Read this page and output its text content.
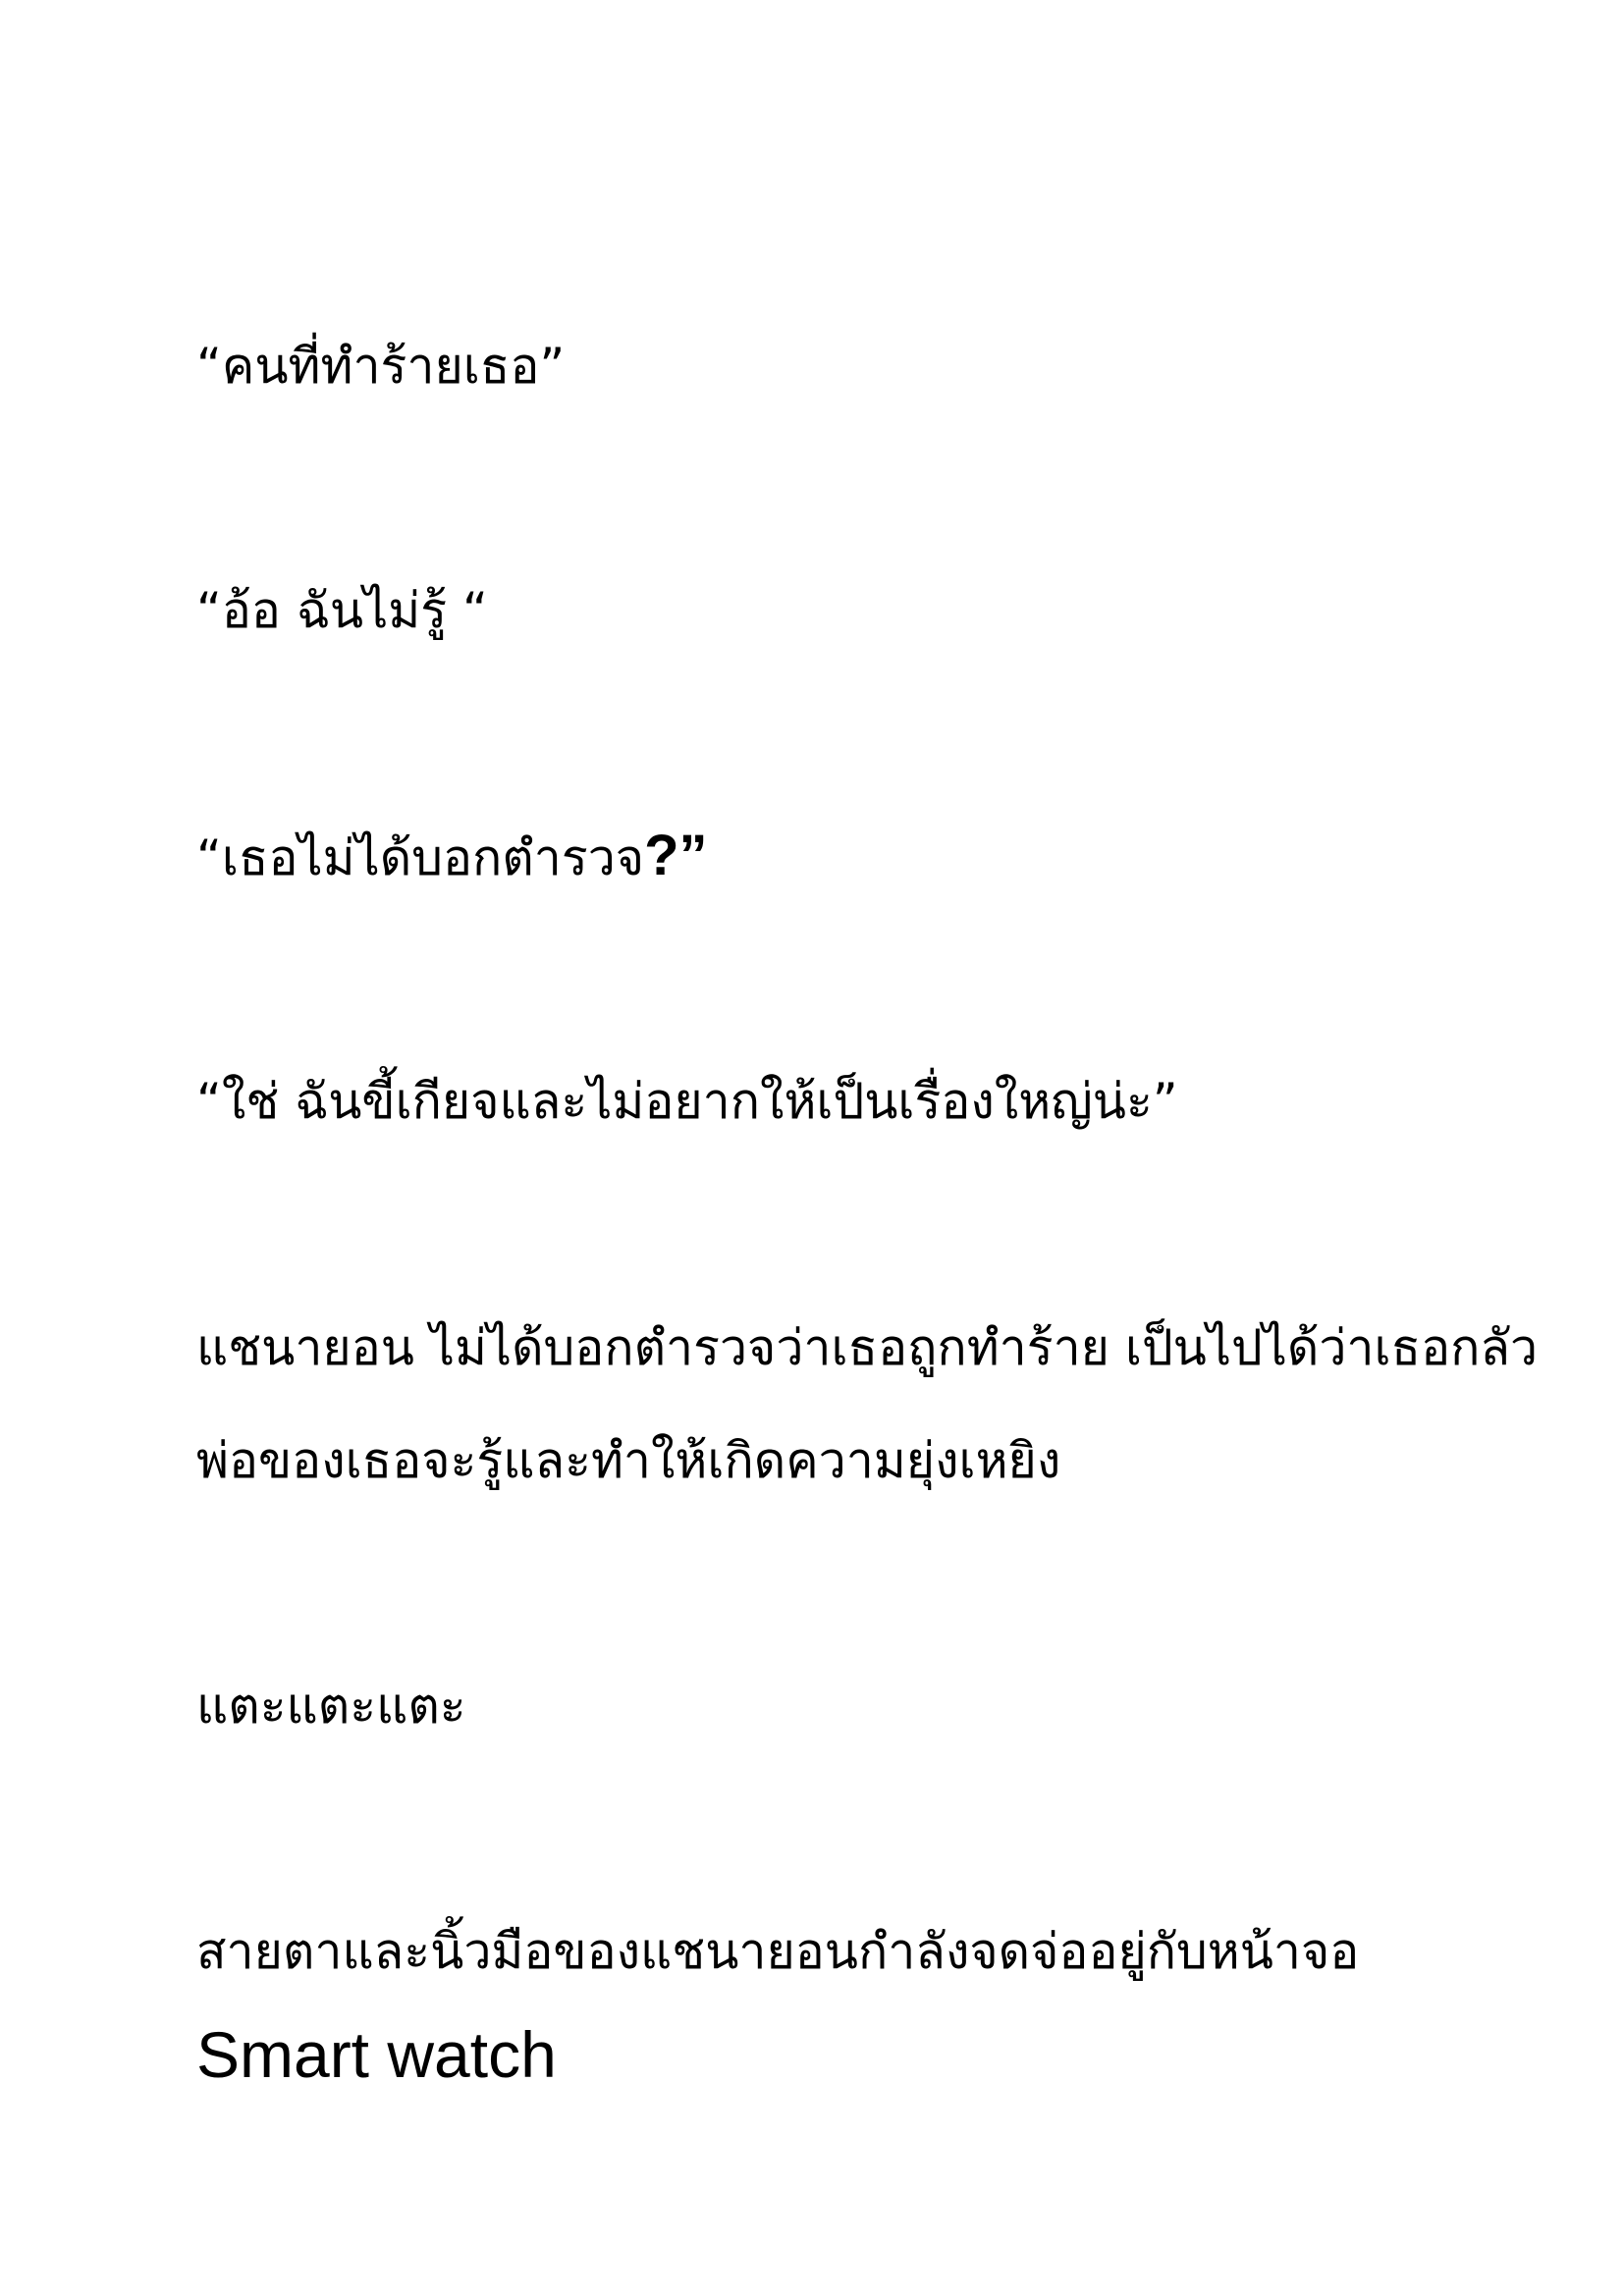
“คนที่ทำร้ายเธอ”

“อ้อ ฉันไม่รู้ “

“เธอไม่ได้บอกตำรวจ?”

“ใช่ ฉันขี้เกียจและไม่อยากให้เป็นเรื่องใหญ่น่ะ”

แชนายอน ไม่ได้บอกตำรวจว่าเธอถูกทำร้าย เป็นไปได้ว่าเธอกลัว

พ่อของเธอจะรู้และทำให้เกิดความยุ่งเหยิง

แตะแตะแตะ

สายตาและนิ้วมือของแชนายอนกำลังจดจ่ออยู่กับหน้าจอ

Smart watch
